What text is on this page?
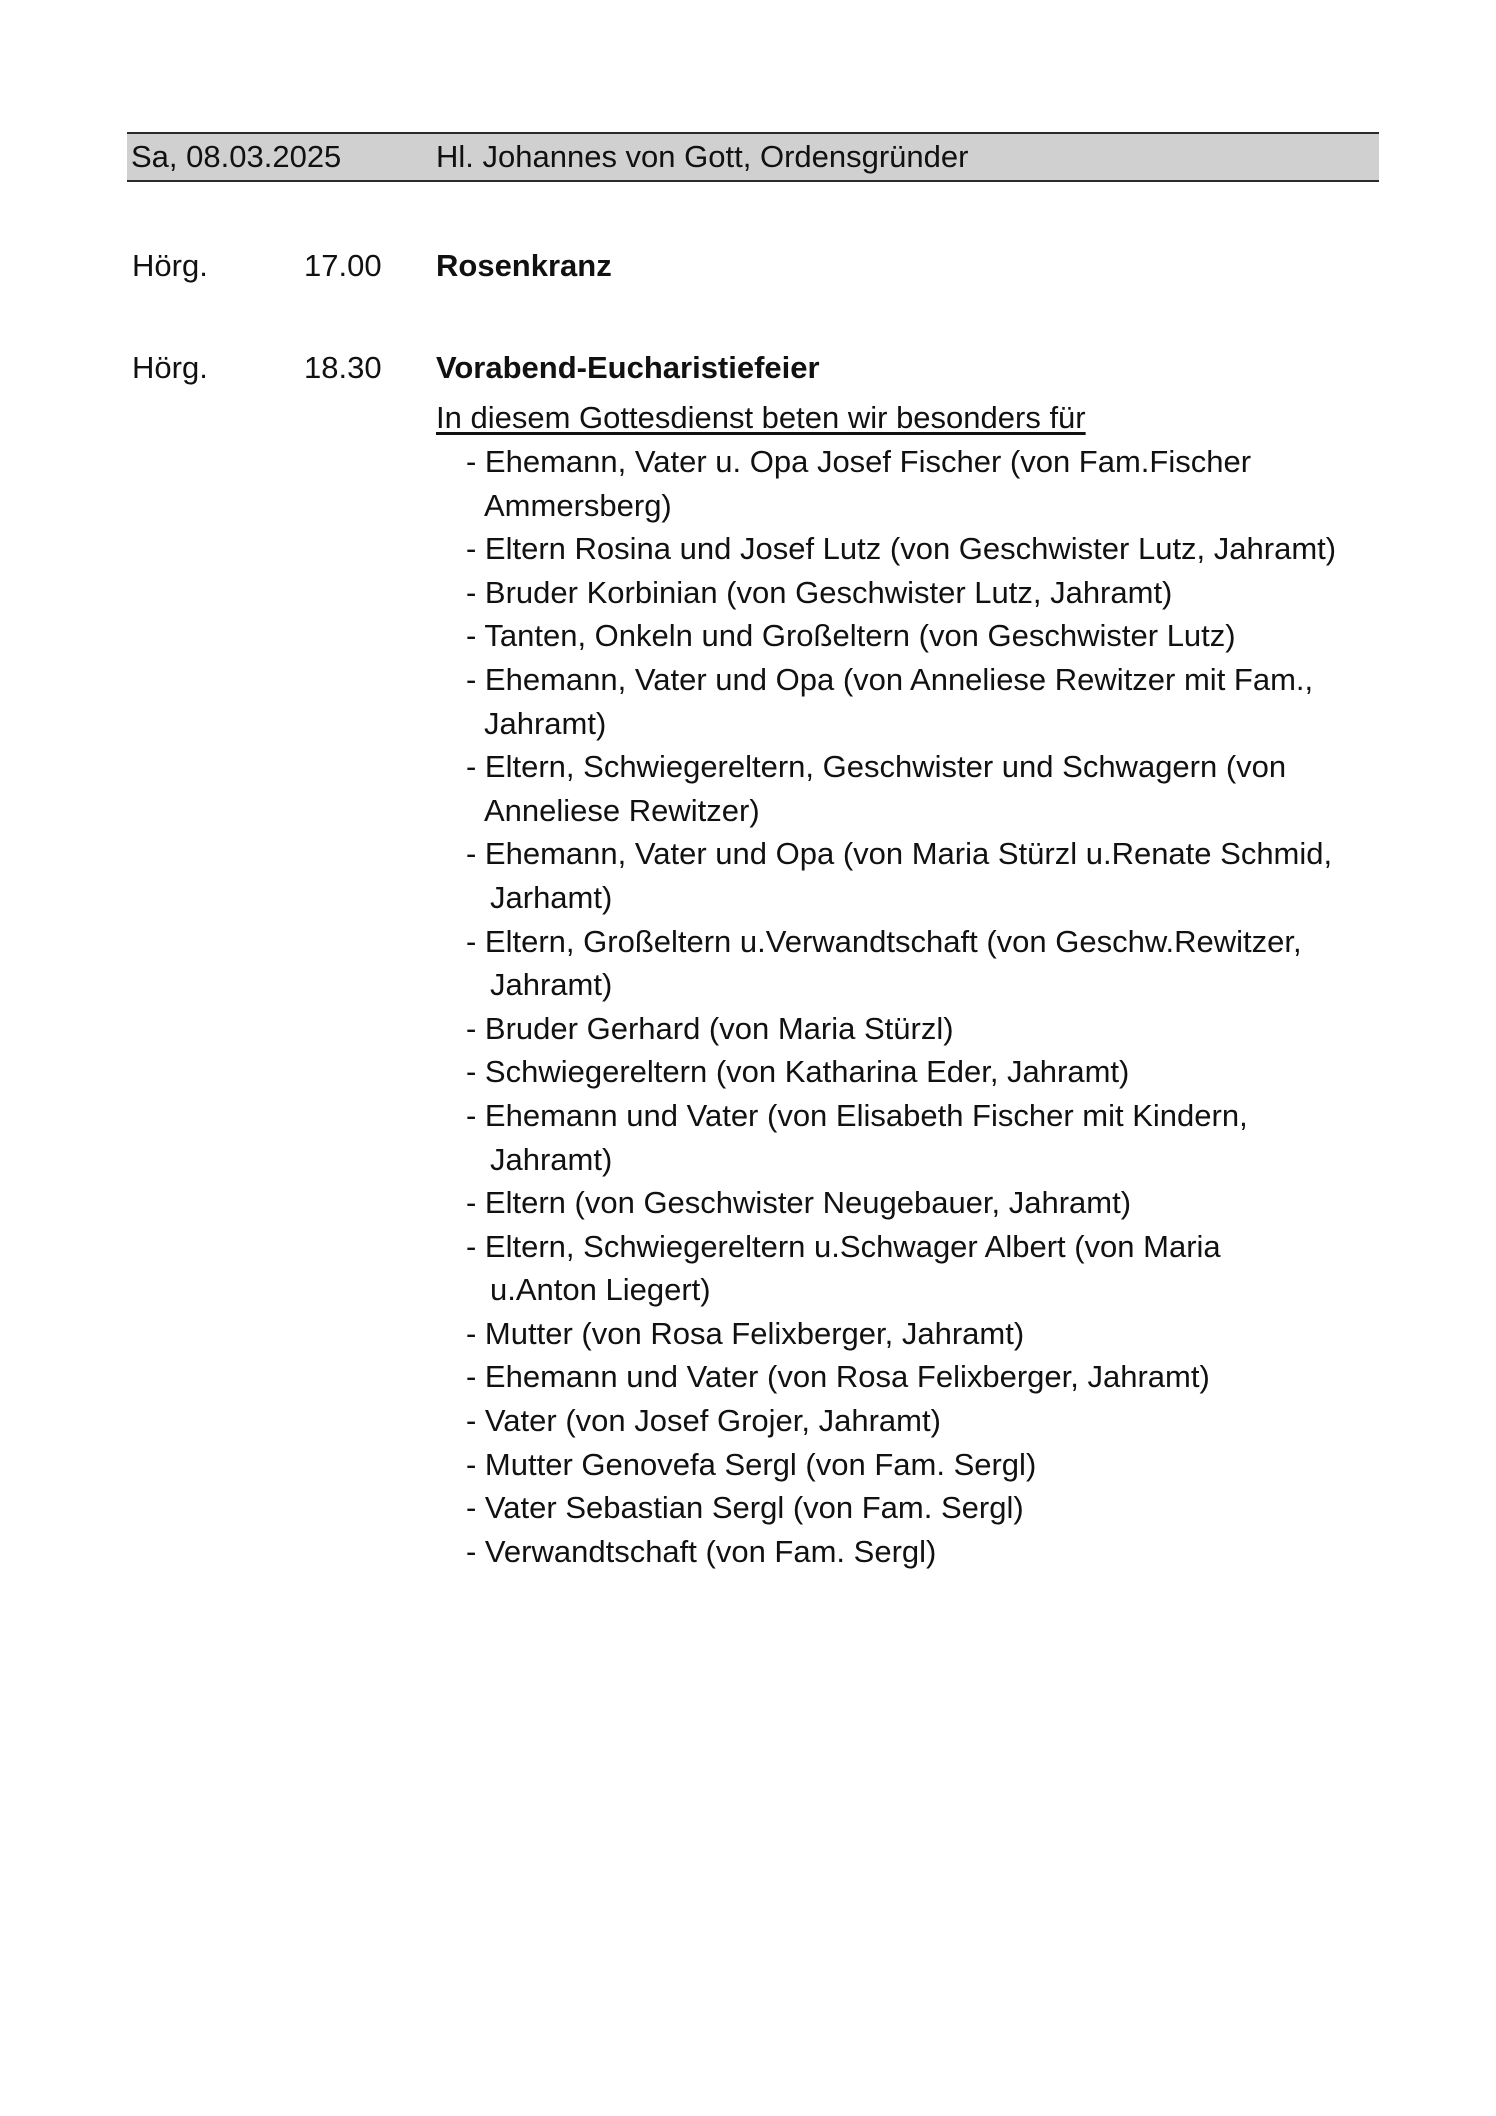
Sa, 08.03.2025	Hl. Johannes von Gott, Ordensgründer
Hörg.	17.00 Rosenkranz
Hörg.	18.30 Vorabend-Eucharistiefeier
In diesem Gottesdienst beten wir besonders für
- Ehemann, Vater u. Opa Josef Fischer (von Fam.Fischer
Ammersberg)
- Eltern Rosina und Josef Lutz (von Geschwister Lutz, Jahramt)
- Bruder Korbinian (von Geschwister Lutz, Jahramt)
- Tanten, Onkeln und Großeltern (von Geschwister Lutz)
- Ehemann, Vater und Opa (von Anneliese Rewitzer mit Fam.,
Jahramt)
- Eltern, Schwiegereltern, Geschwister und Schwagern (von
Anneliese Rewitzer)
- Ehemann, Vater und Opa (von Maria Stürzl u.Renate Schmid,
Jarhamt)
- Eltern, Großeltern u.Verwandtschaft (von Geschw.Rewitzer,
Jahramt)
- Bruder Gerhard (von Maria Stürzl)
- Schwiegereltern (von Katharina Eder, Jahramt)
- Ehemann und Vater (von Elisabeth Fischer mit Kindern,
Jahramt)
- Eltern (von Geschwister Neugebauer, Jahramt)
- Eltern, Schwiegereltern u.Schwager Albert (von Maria
u.Anton Liegert)
- Mutter (von Rosa Felixberger, Jahramt)
- Ehemann und Vater (von Rosa Felixberger, Jahramt)
- Vater (von Josef Grojer, Jahramt)
- Mutter Genovefa Sergl (von Fam. Sergl)
- Vater Sebastian Sergl (von Fam. Sergl)
- Verwandtschaft (von Fam. Sergl)
